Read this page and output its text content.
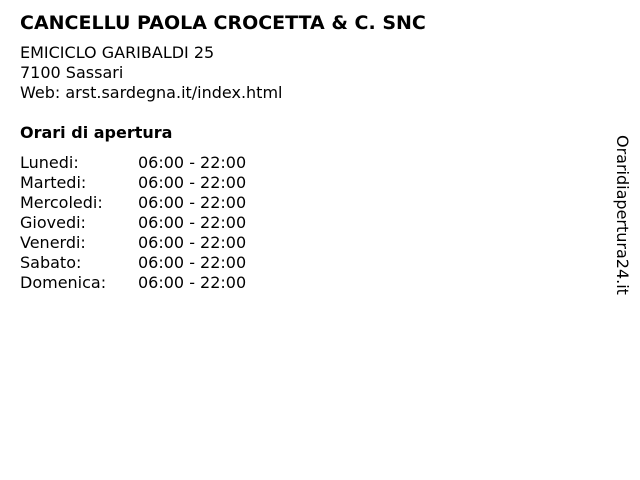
CANCELLU PAOLA CROCETTA & C. SNC
EMICICLO GARIBALDI 25
7100 Sassari
Web: arst.sardegna.it/index.html
Orari di apertura
Lunedi:	06:00 - 22:00
Martedi:	06:00 - 22:00
Mercoledi:	06:00 - 22:00
Giovedi:	06:00 - 22:00
Venerdi:	06:00 - 22:00
Sabato:	06:00 - 22:00
Domenica:	06:00 - 22:00	Oraridiapertura24.it
